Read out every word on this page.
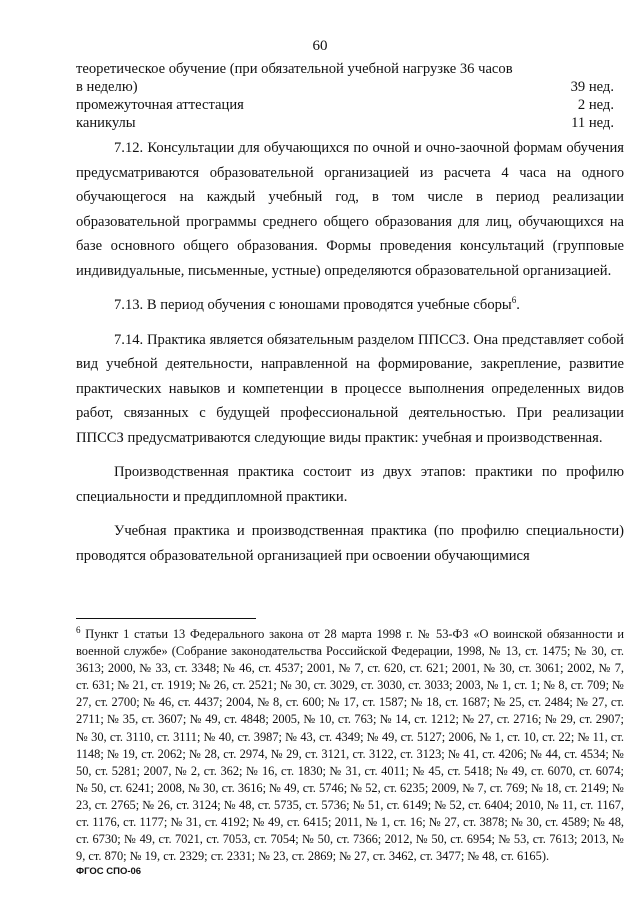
60
теоретическое обучение (при обязательной учебной нагрузке 36 часов в неделю)	39 нед.
промежуточная аттестация	2 нед.
каникулы	11 нед.

7.12. Консультации для обучающихся по очной и очно-заочной формам обучения предусматриваются образовательной организацией из расчета 4 часа на одного обучающегося на каждый учебный год, в том числе в период реализации образовательной программы среднего общего образования для лиц, обучающихся на базе основного общего образования. Формы проведения консультаций (групповые индивидуальные, письменные, устные) определяются образовательной организацией.

7.13. В период обучения с юношами проводятся учебные сборы$^6$.

7.14. Практика является обязательным разделом ППССЗ. Она представляет собой вид учебной деятельности, направленной на формирование, закрепление, развитие практических навыков и компетенции в процессе выполнения определенных видов работ, связанных с будущей профессиональной деятельностью. При реализации ППССЗ предусматриваются следующие виды практик: учебная и производственная.

Производственная практика состоит из двух этапов: практики по профилю специальности и преддипломной практики.

Учебная практика и производственная практика (по профилю специальности) проводятся образовательной организацией при освоении обучающимися

$^6$ Пункт 1 статьи 13 Федерального закона от 28 марта 1998 г. № 53-ФЗ «О воинской обязанности и военной службе» (Собрание законодательства Российской Федерации, 1998, № 13, ст. 1475; № 30, ст. 3613; 2000, № 33, ст. 3348; № 46, ст. 4537; 2001, № 7, ст. 620, ст. 621; 2001, № 30, ст. 3061; 2002, № 7, ст. 631; № 21, ст. 1919; № 26, ст. 2521; № 30, ст. 3029, ст. 3030, ст. 3033; 2003, № 1, ст. 1; № 8, ст. 709; № 27, ст. 2700; № 46, ст. 4437; 2004, № 8, ст. 600; № 17, ст. 1587; № 18, ст. 1687; № 25, ст. 2484; № 27, ст. 2711; № 35, ст. 3607; № 49, ст. 4848; 2005, № 10, ст. 763; № 14, ст. 1212; № 27, ст. 2716; № 29, ст. 2907; № 30, ст. 3110, ст. 3111; № 40, ст. 3987; № 43, ст. 4349; № 49, ст. 5127; 2006, № 1, ст. 10, ст. 22; № 11, ст. 1148; № 19, ст. 2062; № 28, ст. 2974, № 29, ст. 3121, ст. 3122, ст. 3123; № 41, ст. 4206; № 44, ст. 4534; № 50, ст. 5281; 2007, № 2, ст. 362; № 16, ст. 1830; № 31, ст. 4011; № 45, ст. 5418; № 49, ст. 6070, ст. 6074; № 50, ст. 6241; 2008, № 30, ст. 3616; № 49, ст. 5746; № 52, ст. 6235; 2009, № 7, ст. 769; № 18, ст. 2149; № 23, ст. 2765; № 26, ст. 3124; № 48, ст. 5735, ст. 5736; № 51, ст. 6149; № 52, ст. 6404; 2010, № 11, ст. 1167, ст. 1176, ст. 1177; № 31, ст. 4192; № 49, ст. 6415; 2011, № 1, ст. 16; № 27, ст. 3878; № 30, ст. 4589; № 48, ст. 6730; № 49, ст. 7021, ст. 7053, ст. 7054; № 50, ст. 7366; 2012, № 50, ст. 6954; № 53, ст. 7613; 2013, № 9, ст. 870; № 19, ст. 2329; ст. 2331; № 23, ст. 2869; № 27, ст. 3462, ст. 3477; № 48, ст. 6165).
ФГОС СПО-06
